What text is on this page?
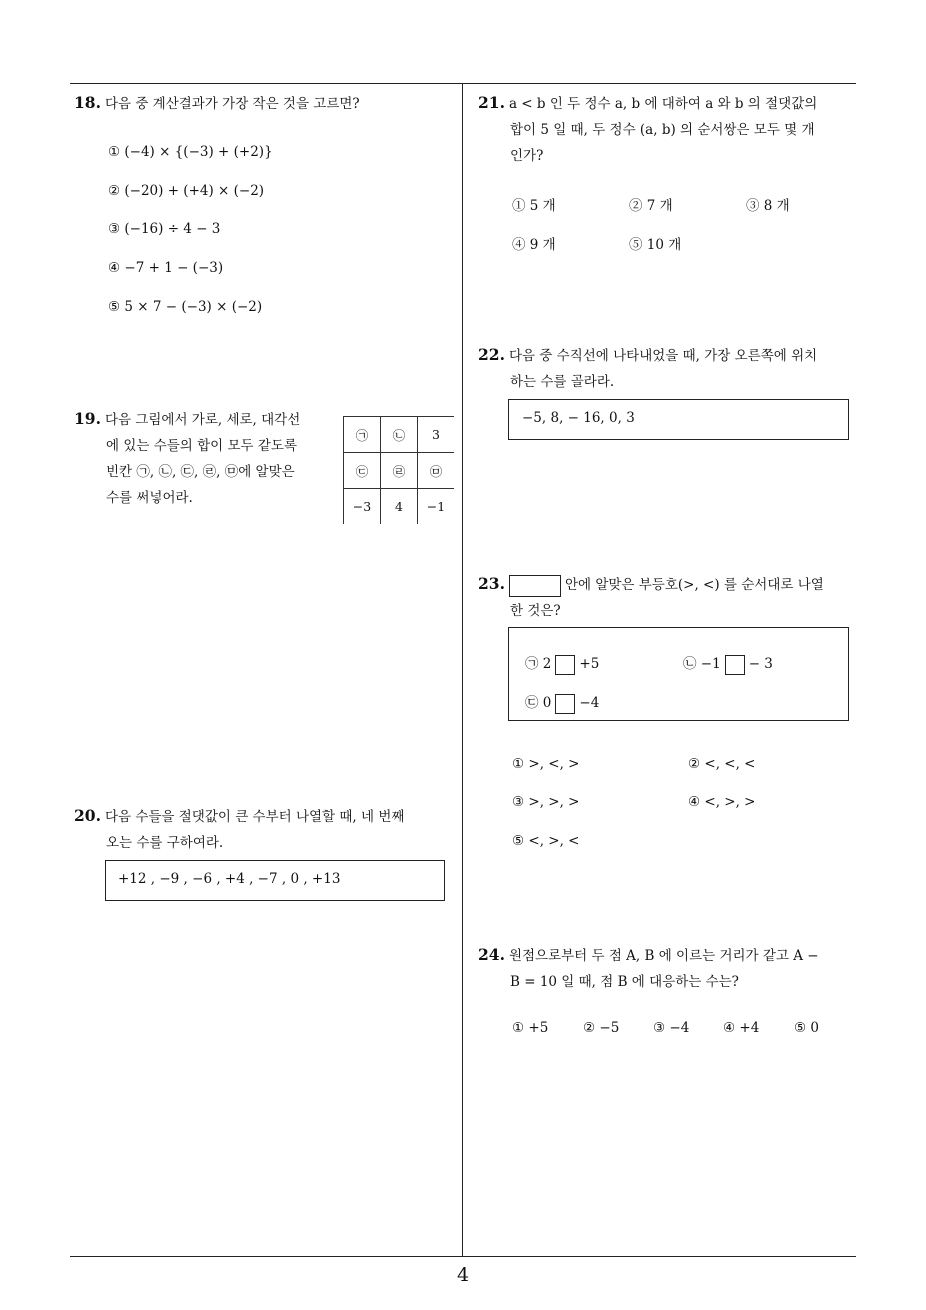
18. 다음 중 계산결과가 가장 작은 것을 고르면?
① (−4) × {(−3) + (+2)}
② (−20) + (+4) × (−2)
③ (−16) ÷ 4 − 3
④ −7 + 1 − (−3)
⑤ 5 × 7 − (−3) × (−2)
19. 다음 그림에서 가로, 세로, 대각선
에 있는 수들의 합이 모두 같도록
빈칸 ㉠, ㉡, ㉢, ㉣, ㉤에 알맞은
수를 써넣어라.
㉠	㉡	3
㉢	㉣	㉤
−3	4	−1
20. 다음 수들을 절댓값이 큰 수부터 나열할 때, 네 번째
오는 수를 구하여라.
+12 , −9 , −6 , +4 , −7 , 0 , +13
21. a < b 인 두 정수 a, b 에 대하여 a 와 b 의 절댓값의
합이 5 일 때, 두 정수 (a, b) 의 순서쌍은 모두 몇 개
인가?
① 5 개	② 7 개	③ 8 개
④ 9 개	⑤ 10 개
22. 다음 중 수직선에 나타내었을 때, 가장 오른쪽에 위치
하는 수를 골라라.
−5, 8, − 16, 0, 3
23.	안에 알맞은 부등호(>, <) 를 순서대로 나열
한 것은?
㉠ 2 +5	㉡ −1 − 3
㉢ 0 −4
① >, <, >	② <, <, <
③ >, >, >	④ <, >, >
⑤ <, >, <
24. 원점으로부터 두 점 A, B 에 이르는 거리가 같고 A −
B = 10 일 때, 점 B 에 대응하는 수는?
① +5	② −5 ③ −4 ④ +4	⑤ 0
4
